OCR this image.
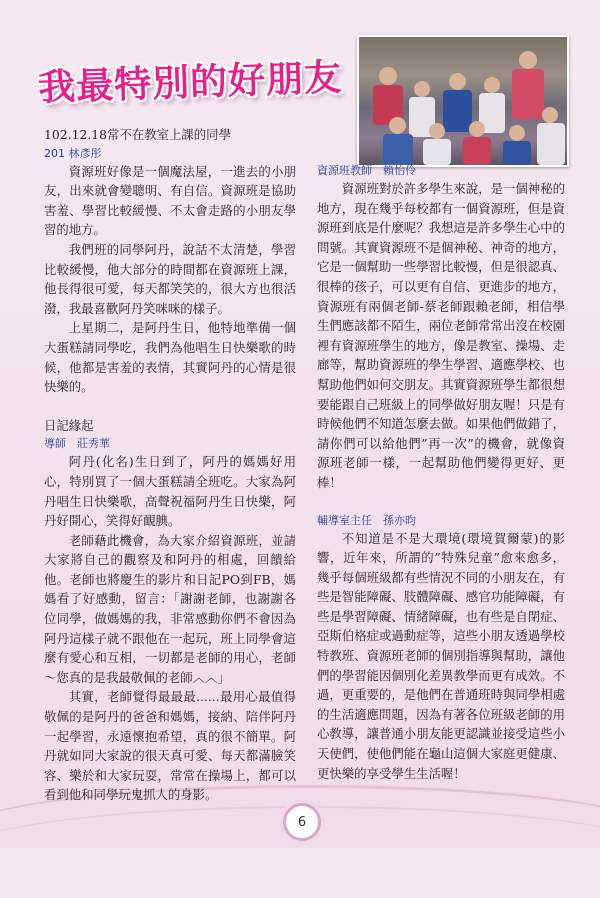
我最特別的好朋友

102.12.18常不在教室上課的同學

201 林彥彤

資源班好像是一個魔法屋，一進去的小朋友，出來就會變聰明、有自信。資源班是協助害羞、學習比較緩慢、不太會走路的小朋友學習的地方。

我們班的同學阿丹，說話不太清楚，學習比較緩慢，他大部分的時間都在資源班上課，他長得很可愛，每天都笑笑的，很大方也很活潑，我最喜歡阿丹笑咪咪的樣子。

上星期二，是阿丹生日，他特地準備一個大蛋糕請同學吃，我們為他唱生日快樂歌的時候，他都是害羞的表情，其實阿丹的心情是很快樂的。

日記緣起

導師　莊秀華

阿丹(化名)生日到了，阿丹的媽媽好用心，特別買了一個大蛋糕請全班吃。大家為阿丹唱生日快樂歌，高聲祝福阿丹生日快樂，阿丹好開心，笑得好靦腆。

老師藉此機會，為大家介紹資源班，並請大家將自己的觀察及和阿丹的相處，回饋給他。老師也將慶生的影片和日記PO到FB，媽媽看了好感動，留言：「謝謝老師，也謝謝各位同學，做媽媽的我，非常感動你們不會因為阿丹這樣子就不跟他在一起玩，班上同學會這麼有愛心和互相，一切都是老師的用心，老師～您真的是我最敬佩的老師︿︿」

其實，老師覺得最最最......最用心最值得敬佩的是阿丹的爸爸和媽媽，接納、陪伴阿丹一起學習，永遠懷抱希望，真的很不簡單。阿丹就如同大家說的很天真可愛、每天都滿臉笑容、樂於和大家玩耍，常常在操場上，都可以看到他和同學玩鬼抓人的身影。

資源班教師　賴怡伶

資源班對於許多學生來說，是一個神秘的地方，現在幾乎每校都有一個資源班，但是資源班到底是什麼呢？我想這是許多學生心中的問號。其實資源班不是個神秘、神奇的地方，它是一個幫助一些學習比較慢，但是很認真、很棒的孩子，可以更有自信、更進步的地方，資源班有兩個老師-蔡老師跟賴老師，相信學生們應該都不陌生，兩位老師常常出沒在校園裡有資源班學生的地方，像是教室、操場、走廊等，幫助資源班的學生學習、適應學校、也幫助他們如何交朋友。其實資源班學生都很想要能跟自己班級上的同學做好朋友喔！只是有時候他們不知道怎麼去做。如果他們做錯了，請你們可以給他們”再一次”的機會，就像資源班老師一樣，一起幫助他們變得更好、更棒！

輔導室主任　孫亦昀

不知道是不是大環境(環境賀爾蒙)的影響，近年來，所謂的”特殊兒童”愈來愈多，幾乎每個班級都有些情況不同的小朋友在，有些是智能障礙、肢體障礙、感官功能障礙，有些是學習障礙、情緒障礙，也有些是自閉症、亞斯伯格症或過動症等，這些小朋友透過學校特教班、資源班老師的個別指導與幫助，讓他們的學習能因個別化差異教學而更有成效。不過，更重要的，是他們在普通班時與同學相處的生活適應問題，因為有著各位班級老師的用心教導，讓普通小朋友能更認識並接受這些小天使們，使他們能在龜山這個大家庭更健康、更快樂的享受學生生活喔！

6
